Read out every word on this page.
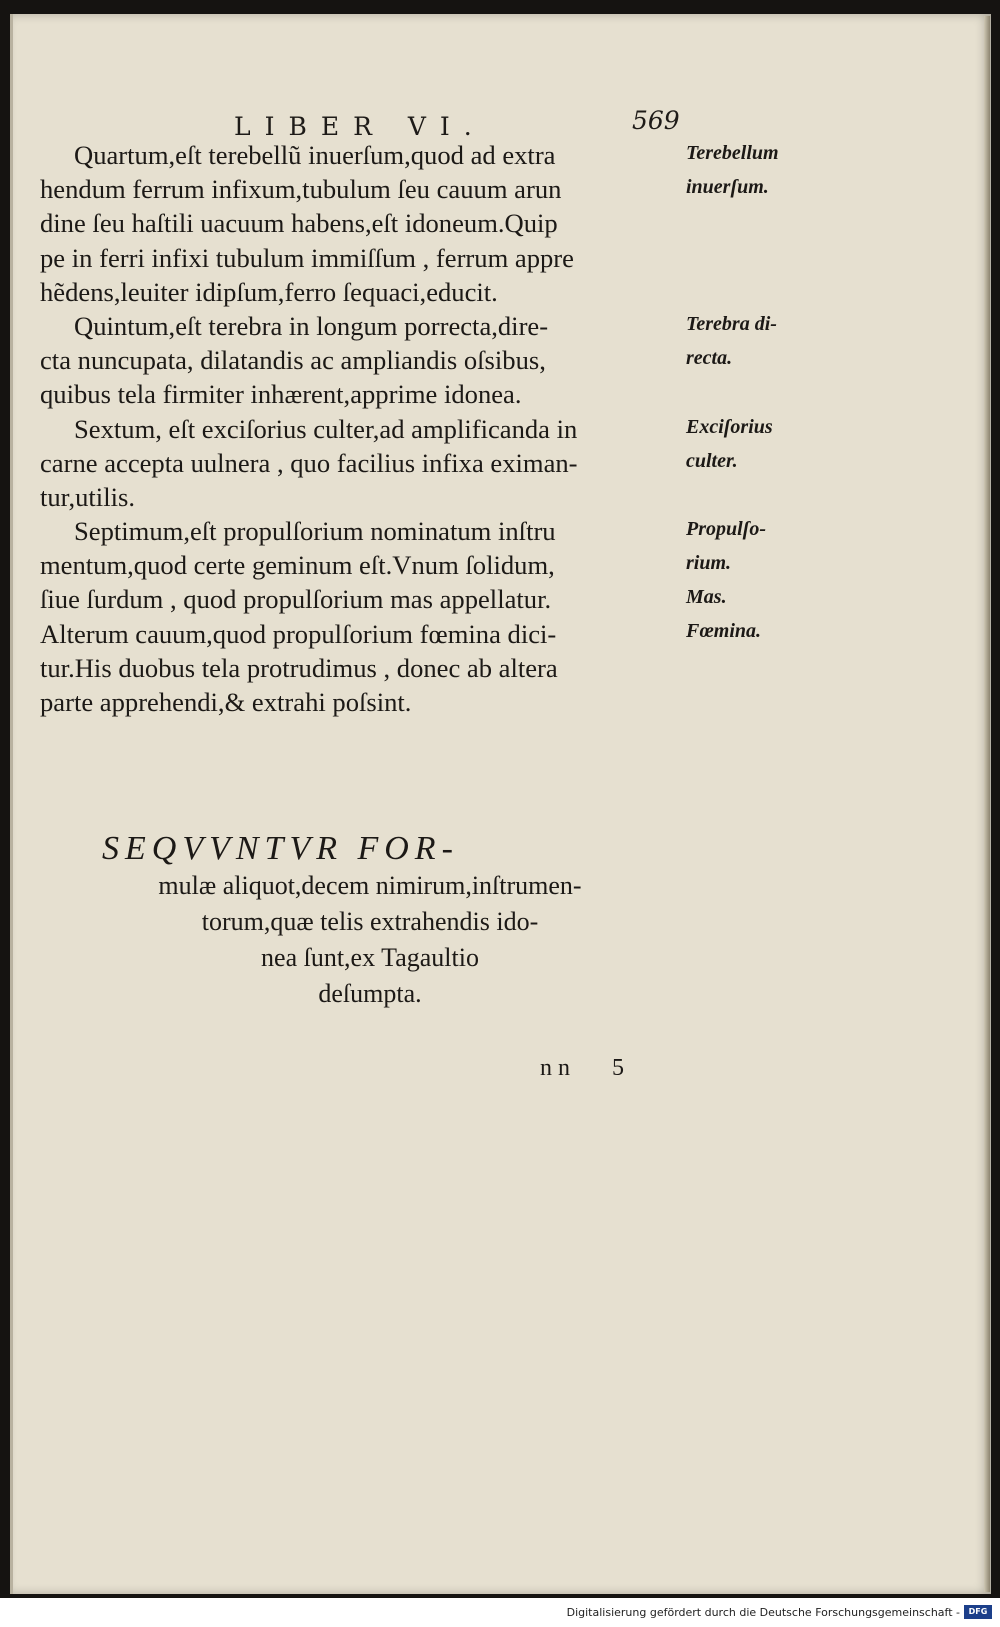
LIBER VI.	569
Quartum,eſt terebellũ inuerſum,quod ad extra
hendum ferrum infixum,tubulum ſeu cauum arun
dine ſeu haſtili uacuum habens,eſt idoneum.Quip
pe in ferri infixi tubulum immiſſum , ferrum appre
hẽdens,leuiter idipſum,ferro ſequaci,educit.
Quintum,eſt terebra in longum porrecta,dire-
cta nuncupata, dilatandis ac ampliandis oſsibus,
quibus tela firmiter inhærent,apprime idonea.
Sextum, eſt exciſorius culter,ad amplificanda in
carne accepta uulnera , quo facilius infixa eximan-
tur,utilis.
Septimum,eſt propulſorium nominatum inſtru
mentum,quod certe geminum eſt.Vnum ſolidum,
ſiue ſurdum , quod propulſorium mas appellatur.
Alterum cauum,quod propulſorium fœmina dici-
tur.His duobus tela protrudimus , donec ab altera
parte apprehendi,& extrahi poſsint.
Terebellum
inuerſum.
Terebra di-
recta.
Exciſorius
culter.
Propulſo-
rium.
Mas.
Fœmina.
SEQVVNTVR FOR-
mulæ aliquot,decem nimirum,inſtrumen-
torum,quæ telis extrahendis ido-
nea ſunt,ex Tagaultio
deſumpta.
nn 5
Digitalisierung gefördert durch die Deutsche Forschungsgemeinschaft -	DFG
